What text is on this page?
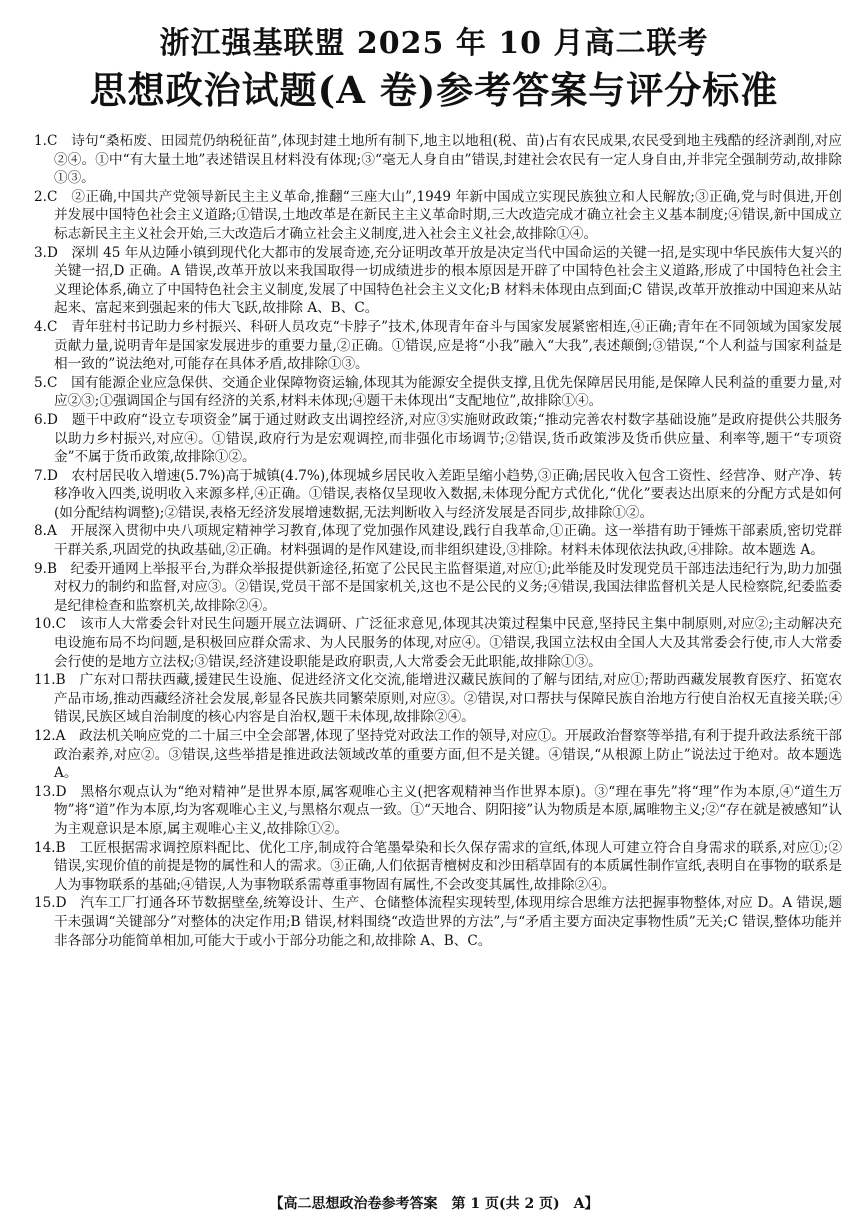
浙江强基联盟 2025 年 10 月高二联考
思想政治试题(A 卷)参考答案与评分标准

1.C　 诗句“桑柘废、田园荒仍纳税征苗”,体现封建土地所有制下,地主以地租(税、苗)占有农民成果,农民受到地主残酷的经济剥削,对应②④。①中“有大量土地”表述错误且材料没有体现;③“毫无人身自由”错误,封建社会农民有一定人身自由,并非完全强制劳动,故排除①③。

2.C　 ②正确,中国共产党领导新民主主义革命,推翻“三座大山”,1949 年新中国成立实现民族独立和人民解放;③正确,党与时俱进,开创并发展中国特色社会主义道路;①错误,土地改革是在新民主主义革命时期,三大改造完成才确立社会主义基本制度;④错误,新中国成立标志新民主主义社会开始,三大改造后才确立社会主义制度,进入社会主义社会,故排除①④。

3.D　 深圳 45 年从边陲小镇到现代化大都市的发展奇迹,充分证明改革开放是决定当代中国命运的关键一招,是实现中华民族伟大复兴的关键一招,D 正确。A 错误,改革开放以来我国取得一切成绩进步的根本原因是开辟了中国特色社会主义道路,形成了中国特色社会主义理论体系,确立了中国特色社会主义制度,发展了中国特色社会主义文化;B 材料未体现由点到面;C 错误,改革开放推动中国迎来从站起来、富起来到强起来的伟大飞跃,故排除 A、B、C。

4.C　 青年驻村书记助力乡村振兴、科研人员攻克“卡脖子”技术,体现青年奋斗与国家发展紧密相连,④正确;青年在不同领域为国家发展贡献力量,说明青年是国家发展进步的重要力量,②正确。①错误,应是将“小我”融入“大我”,表述颠倒;③错误,“个人利益与国家利益是相一致的”说法绝对,可能存在具体矛盾,故排除①③。

5.C　 国有能源企业应急保供、交通企业保障物资运输,体现其为能源安全提供支撑,且优先保障居民用能,是保障人民利益的重要力量,对应②③;①强调国企与国有经济的关系,材料未体现;④题干未体现出“支配地位”,故排除①④。

6.D　 题干中政府“设立专项资金”属于通过财政支出调控经济,对应③实施财政政策;“推动完善农村数字基础设施”是政府提供公共服务以助力乡村振兴,对应④。①错误,政府行为是宏观调控,而非强化市场调节;②错误,货币政策涉及货币供应量、利率等,题干“专项资金”不属于货币政策,故排除①②。

7.D　 农村居民收入增速(5.7%)高于城镇(4.7%),体现城乡居民收入差距呈缩小趋势,③正确;居民收入包含工资性、经营净、财产净、转移净收入四类,说明收入来源多样,④正确。①错误,表格仅呈现收入数据,未体现分配方式优化,“优化”要表达出原来的分配方式是如何(如分配结构调整);②错误,表格无经济发展增速数据,无法判断收入与经济发展是否同步,故排除①②。

8.A　 开展深入贯彻中央八项规定精神学习教育,体现了党加强作风建设,践行自我革命,①正确。这一举措有助于锤炼干部素质,密切党群干群关系,巩固党的执政基础,②正确。材料强调的是作风建设,而非组织建设,③排除。材料未体现依法执政,④排除。故本题选 A。

9.B　 纪委开通网上举报平台,为群众举报提供新途径,拓宽了公民民主监督渠道,对应①;此举能及时发现党员干部违法违纪行为,助力加强对权力的制约和监督,对应③。②错误,党员干部不是国家机关,这也不是公民的义务;④错误,我国法律监督机关是人民检察院,纪委监委是纪律检查和监察机关,故排除②④。

10.C　 该市人大常委会针对民生问题开展立法调研、广泛征求意见,体现其决策过程集中民意,坚持民主集中制原则,对应②;主动解决充电设施布局不均问题,是积极回应群众需求、为人民服务的体现,对应④。①错误,我国立法权由全国人大及其常委会行使,市人大常委会行使的是地方立法权;③错误,经济建设职能是政府职责,人大常委会无此职能,故排除①③。

11.B　 广东对口帮扶西藏,援建民生设施、促进经济文化交流,能增进汉藏民族间的了解与团结,对应①;帮助西藏发展教育医疗、拓宽农产品市场,推动西藏经济社会发展,彰显各民族共同繁荣原则,对应③。②错误,对口帮扶与保障民族自治地方行使自治权无直接关联;④错误,民族区域自治制度的核心内容是自治权,题干未体现,故排除②④。

12.A　 政法机关响应党的二十届三中全会部署,体现了坚持党对政法工作的领导,对应①。开展政治督察等举措,有利于提升政法系统干部政治素养,对应②。③错误,这些举措是推进政法领域改革的重要方面,但不是关键。④错误,“从根源上防止”说法过于绝对。故本题选 A。

13.D　 黑格尔观点认为“绝对精神”是世界本原,属客观唯心主义(把客观精神当作世界本原)。③“理在事先”将“理”作为本原,④“道生万物”将“道”作为本原,均为客观唯心主义,与黑格尔观点一致。①“天地合、阴阳接”认为物质是本原,属唯物主义;②“存在就是被感知”认为主观意识是本原,属主观唯心主义,故排除①②。

14.B　 工匠根据需求调控原料配比、优化工序,制成符合笔墨晕染和长久保存需求的宣纸,体现人可建立符合自身需求的联系,对应①;②错误,实现价值的前提是物的属性和人的需求。③正确,人们依据青檀树皮和沙田稻草固有的本质属性制作宣纸,表明自在事物的联系是人为事物联系的基础;④错误,人为事物联系需尊重事物固有属性,不会改变其属性,故排除②④。

15.D　 汽车工厂打通各环节数据壁垒,统筹设计、生产、仓储整体流程实现转型,体现用综合思维方法把握事物整体,对应 D。A 错误,题干未强调“关键部分”对整体的决定作用;B 错误,材料围绕“改造世界的方法”,与“矛盾主要方面决定事物性质”无关;C 错误,整体功能并非各部分功能简单相加,可能大于或小于部分功能之和,故排除 A、B、C。

【高二思想政治卷参考答案　第 1 页(共 2 页)　A】
